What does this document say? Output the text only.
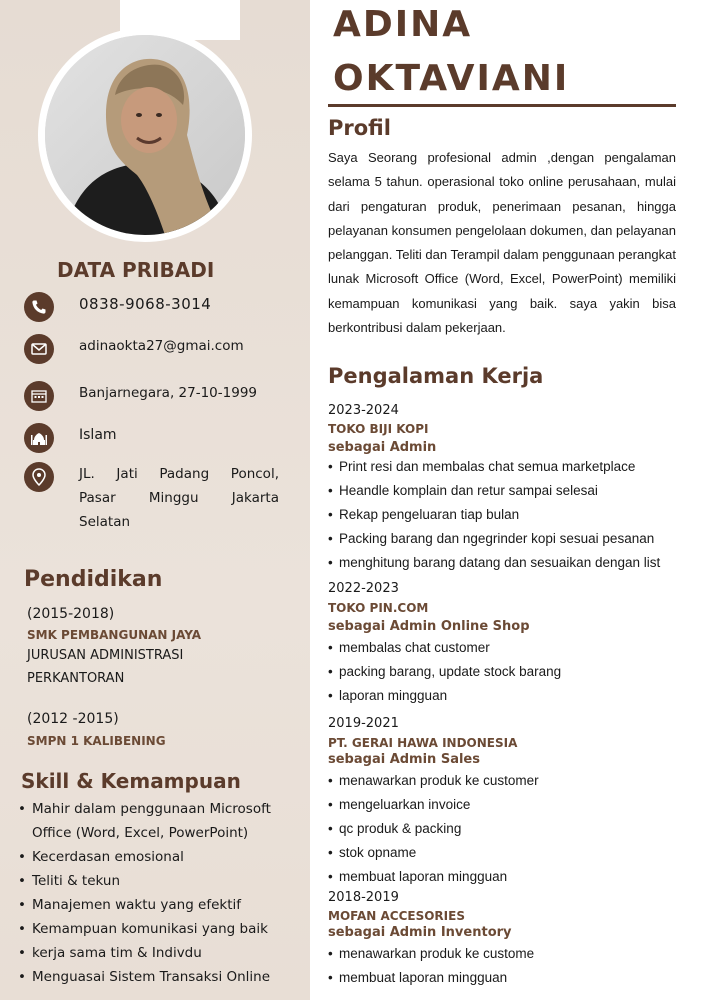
DATA PRIBADI
0838-9068-3014
adinaokta27@gmai.com
Banjarnegara, 27-10-1999
Islam
JL. Jati Padang Poncol,
Pasar Minggu Jakarta
Selatan
Pendidikan
(2015-2018)
SMK PEMBANGUNAN JAYA
JURUSAN ADMINISTRASI
PERKANTORAN
(2012 -2015)
SMPN 1 KALIBENING
Skill & Kemampuan
• Mahir dalam penggunaan Microsoft Office (Word, Excel, PowerPoint)
• Kecerdasan emosional
• Teliti & tekun
• Manajemen waktu yang efektif
• Kemampuan komunikasi yang baik
• kerja sama tim & Indivdu
• Menguasai Sistem Transaksi Online
ADINA
OKTAVIANI
Profil
Saya Seorang profesional admin ,dengan pengalaman selama 5 tahun. operasional toko online perusahaan, mulai dari pengaturan produk, penerimaan pesanan, hingga pelayanan konsumen pengelolaan dokumen, dan pelayanan pelanggan. Teliti dan Terampil dalam penggunaan perangkat lunak Microsoft Office (Word, Excel, PowerPoint) memiliki kemampuan komunikasi yang baik. saya yakin bisa berkontribusi dalam pekerjaan.
Pengalaman Kerja
2023-2024
TOKO BIJI KOPI
sebagai Admin
• Print resi dan membalas chat semua marketplace
• Heandle komplain dan retur sampai selesai
• Rekap pengeluaran tiap bulan
• Packing barang dan ngegrinder kopi sesuai pesanan
• menghitung barang datang dan sesuaikan dengan list
2022-2023
TOKO PIN.COM
sebagai Admin Online Shop
• membalas chat customer
• packing barang, update stock barang
• laporan mingguan
2019-2021
PT. GERAI HAWA INDONESIA
sebagai Admin Sales
• menawarkan produk ke customer
• mengeluarkan invoice
• qc produk & packing
• stok opname
• membuat laporan mingguan
2018-2019
MOFAN ACCESORIES
sebagai Admin Inventory
• menawarkan produk ke custome
• membuat laporan mingguan
